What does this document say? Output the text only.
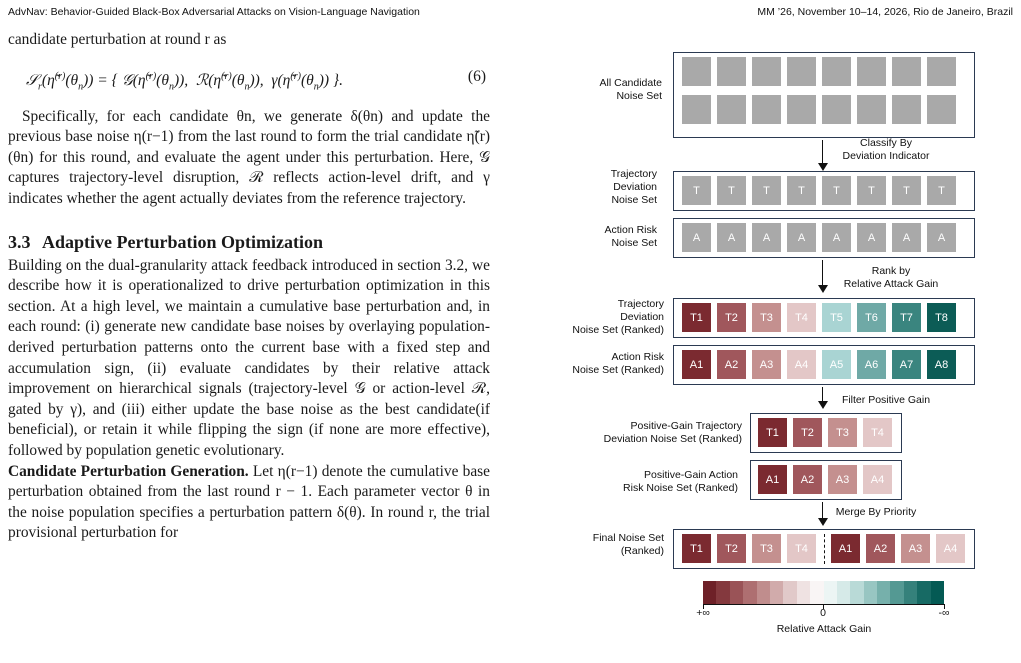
AdvNav: Behavior-Guided Black-Box Adversarial Attacks on Vision-Language Navigation	MM ’26, November 10–14, 2026, Rio de Janeiro, Brazil

candidate perturbation at round r as

$𝒮_r(\etã^{(r)}(\theta_n))$ = { $𝒢(\etã^{(r)}(\theta_n))$,  $ℛ(\etã^{(r)}(\theta_n))$,  $\gamma(\etã^{(r)}(\theta_n))$ }.	(6)

Specifically, for each candidate θn, we generate δ(θn) and update the previous base noise η(r−1) from the last round to form the trial candidate η̃(r)(θn) for this round, and evaluate the agent under this perturbation. Here, 𝒢 captures trajectory-level disruption, ℛ reflects action-level drift, and γ indicates whether the agent actually deviates from the reference trajectory.

3.3 Adaptive Perturbation Optimization

Building on the dual-granularity attack feedback introduced in section 3.2, we describe how it is operationalized to drive perturbation optimization in this section. At a high level, we maintain a cumulative base perturbation and, in each round: (i) generate new candidate base noises by overlaying population-derived perturbation patterns onto the current base with a fixed step and accumulation sign, (ii) evaluate candidates by their relative attack improvement on hierarchical signals (trajectory-level 𝒢 or action-level ℛ, gated by γ), and (iii) either update the base noise as the best candidate(if beneficial), or retain it while flipping the sign (if none are more effective), followed by population genetic evolutionary.

Candidate Perturbation Generation. Let η(r−1) denote the cumulative base perturbation obtained from the last round r − 1. Each parameter vector θ in the noise population specifies a perturbation pattern δ(θ). In round r, the trial provisional perturbation for

All Candidate
Noise Set
Classify By
Deviation Indicator
Trajectory
Deviation
Noise Set
T	T	T	T	T	T	T	T
Action Risk
Noise Set	A	A	A	A	A	A	A	A
Rank by
Relative Attack Gain
Trajectory
Deviation
Noise Set (Ranked)
T1	T2	T3	T4	T5	T6	T7	T8
Action Risk
Noise Set (Ranked)	A1	A2	A3	A4	A5	A6	A7	A8
Filter Positive Gain
Positive-Gain Trajectory
Deviation Noise Set (Ranked)
T1	T2	T3	T4
Positive-Gain Action
Risk Noise Set (Ranked)
A1	A2	A3	A4
Merge By Priority
Final Noise Set
(Ranked)	T1	T2	T3	T4	A1	A2	A3	A4
+∞	0	-∞
Relative Attack Gain
